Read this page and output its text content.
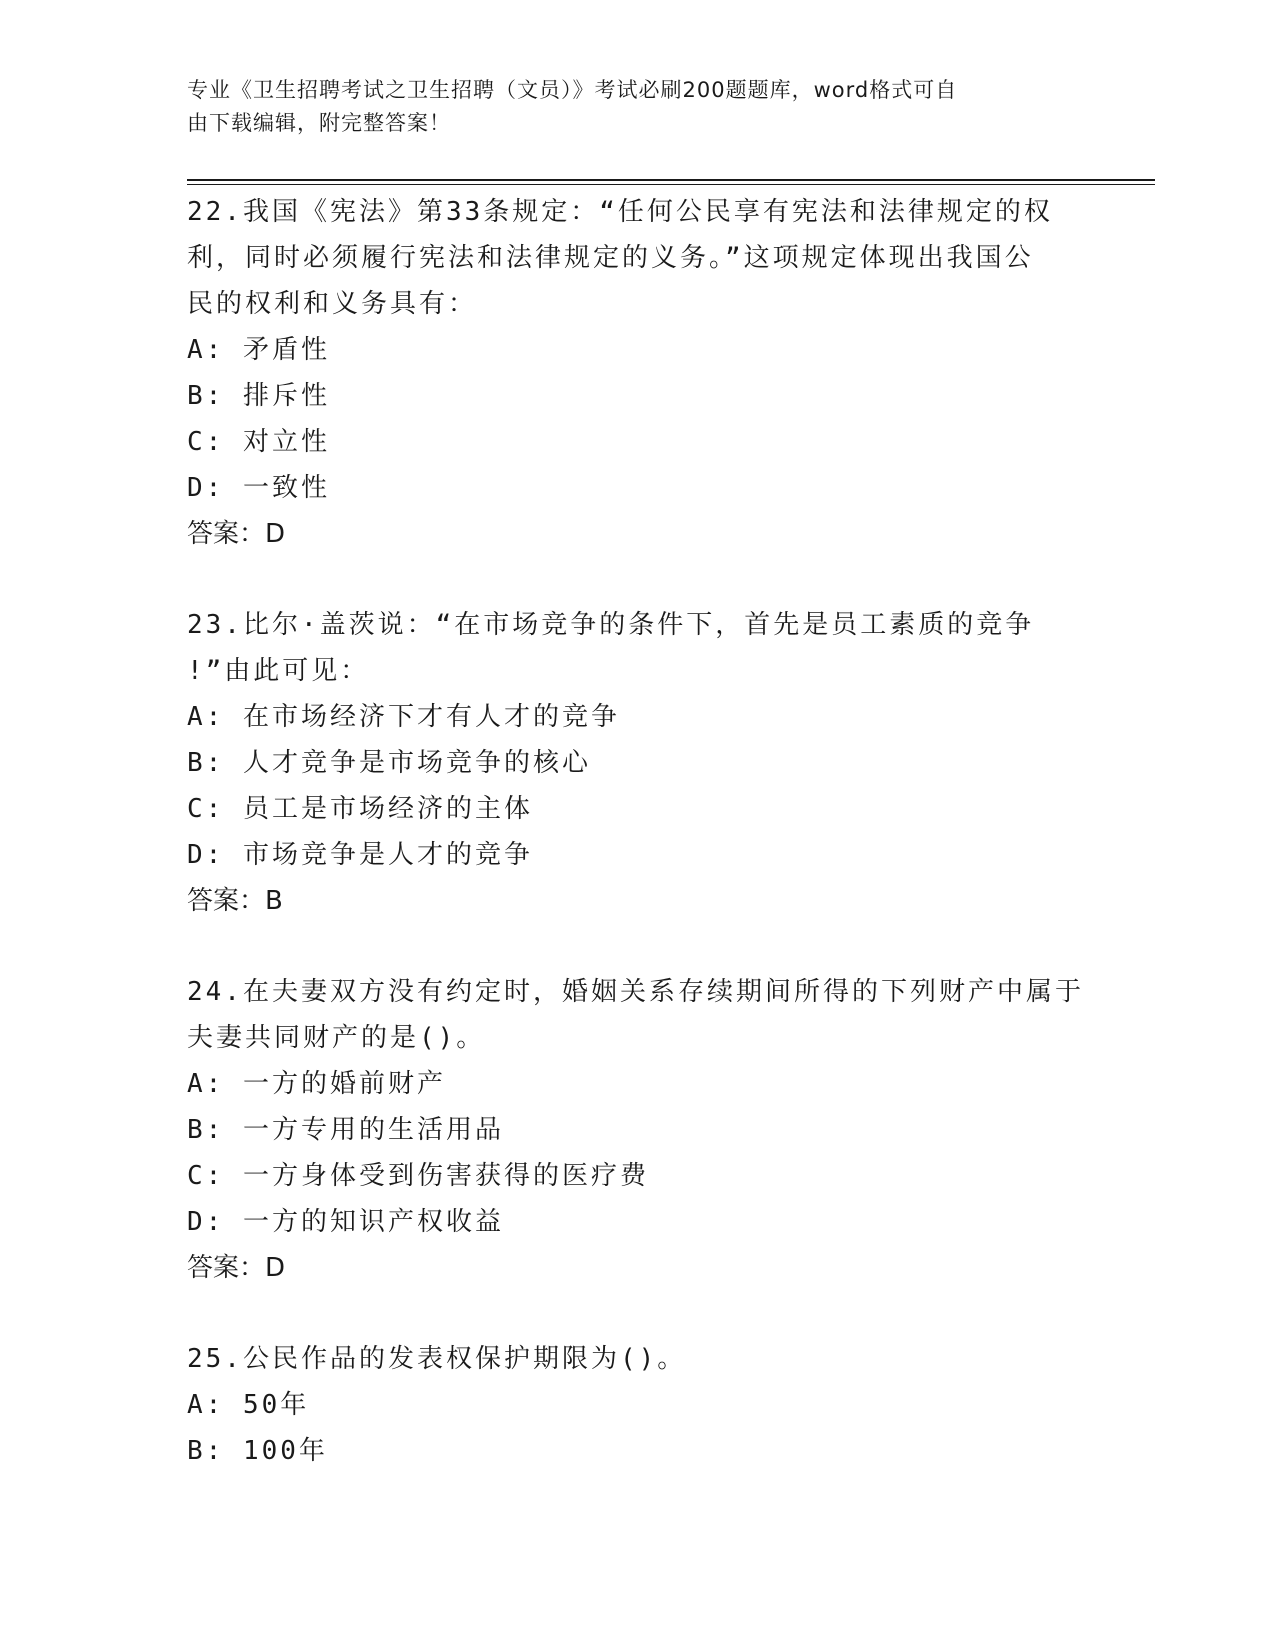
专业《卫生招聘考试之卫生招聘（文员）》考试必刷200题题库，word格式可自
由下载编辑，附完整答案！
22.我国《宪法》第33条规定：“任何公民享有宪法和法律规定的权
利，同时必须履行宪法和法律规定的义务。”这项规定体现出我国公
民的权利和义务具有：
A: 矛盾性
B: 排斥性
C: 对立性
D: 一致性
答案：D
23.比尔·盖茨说：“在市场竞争的条件下，首先是员工素质的竞争
!”由此可见：
A: 在市场经济下才有人才的竞争
B: 人才竞争是市场竞争的核心
C: 员工是市场经济的主体
D: 市场竞争是人才的竞争
答案：B
24.在夫妻双方没有约定时，婚姻关系存续期间所得的下列财产中属于
夫妻共同财产的是()。
A: 一方的婚前财产
B: 一方专用的生活用品
C: 一方身体受到伤害获得的医疗费
D: 一方的知识产权收益
答案：D
25.公民作品的发表权保护期限为()。
A: 50年
B: 100年
